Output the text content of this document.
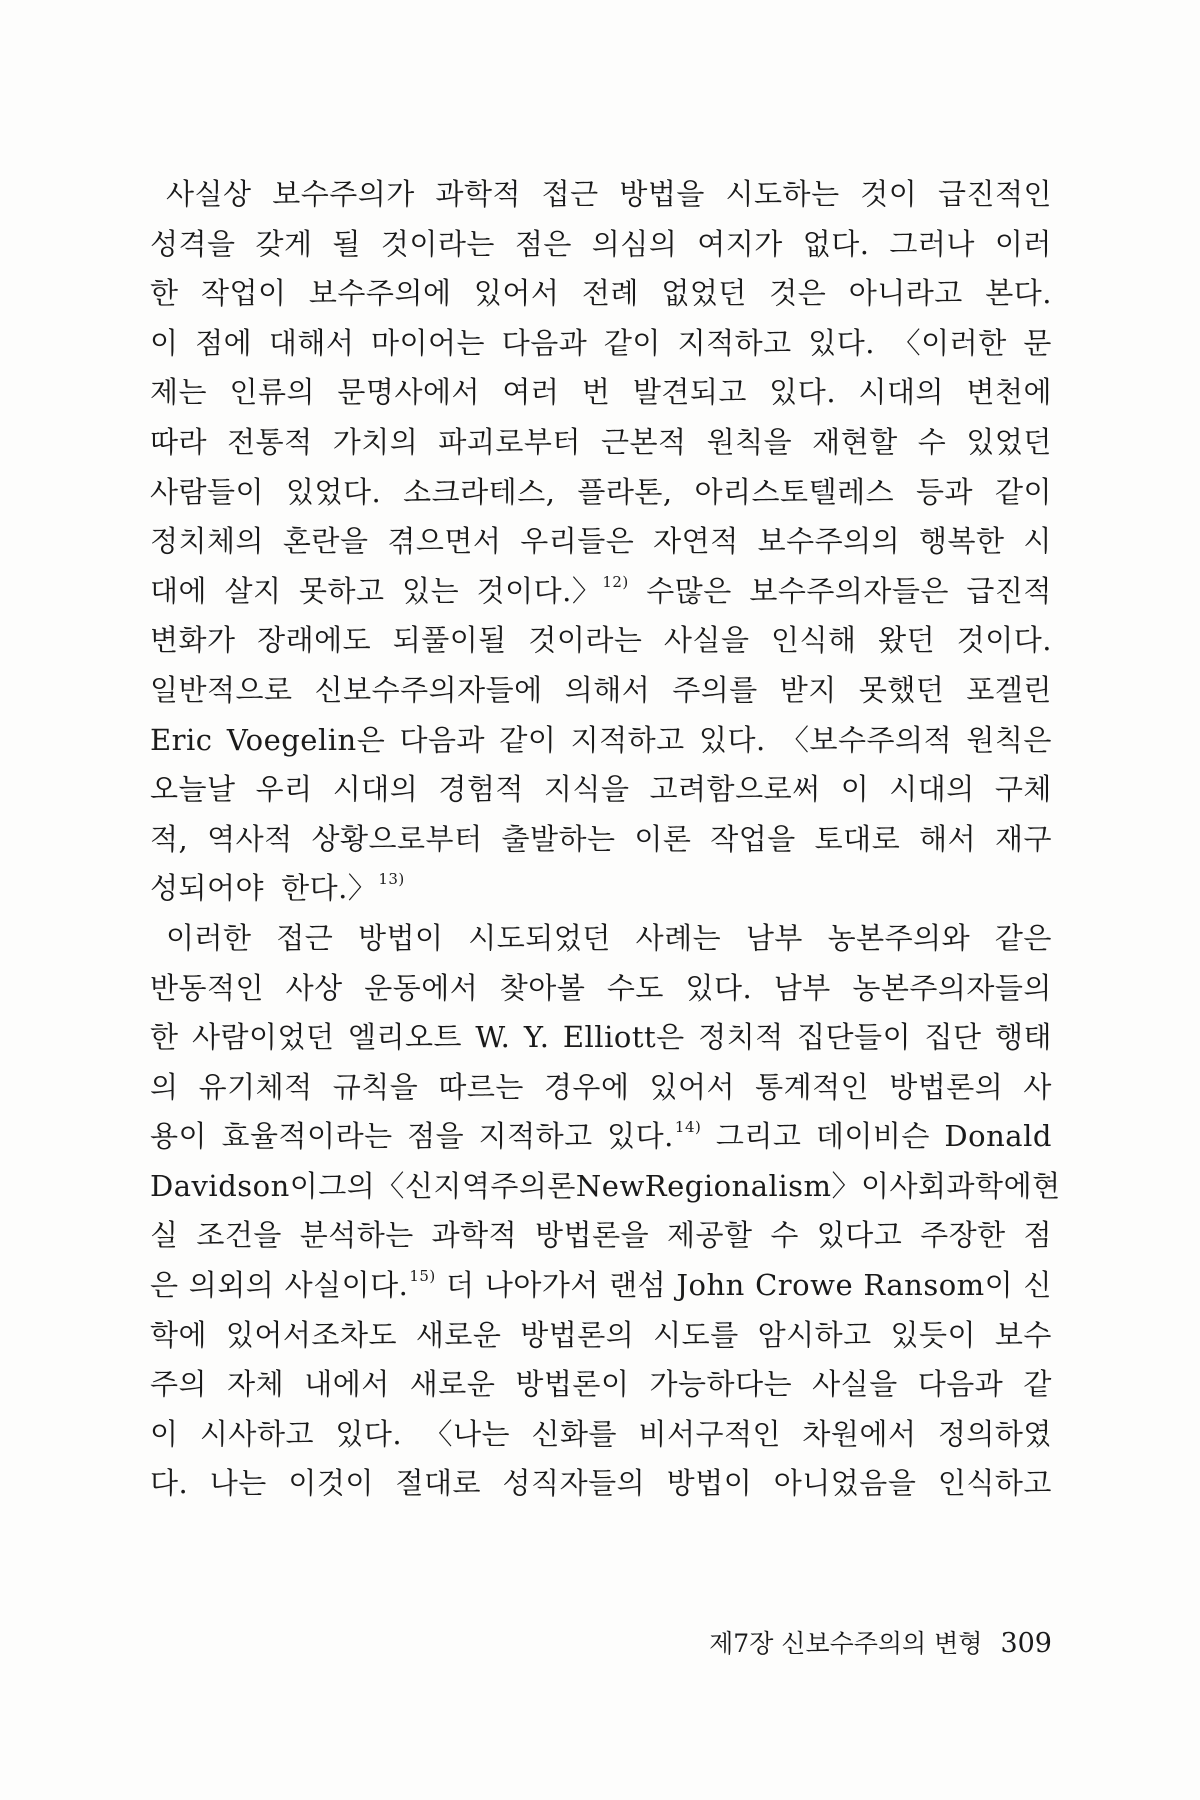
사실상 보수주의가 과학적 접근 방법을 시도하는 것이 급진적인
성격을 갖게 될 것이라는 점은 의심의 여지가 없다. 그러나 이러
한 작업이 보수주의에 있어서 전례 없었던 것은 아니라고 본다.
이 점에 대해서 마이어는 다음과 같이 지적하고 있다. 〈이러한 문
제는 인류의 문명사에서 여러 번 발견되고 있다. 시대의 변천에
따라 전통적 가치의 파괴로부터 근본적 원칙을 재현할 수 있었던
사람들이 있었다. 소크라테스, 플라톤, 아리스토텔레스 등과 같이
정치체의 혼란을 겪으면서 우리들은 자연적 보수주의의 행복한 시
대에 살지 못하고 있는 것이다.〉$^{12)}$ 수많은 보수주의자들은 급진적
변화가 장래에도 되풀이될 것이라는 사실을 인식해 왔던 것이다.
일반적으로 신보수주의자들에 의해서 주의를 받지 못했던 포겔린
Eric Voegelin은 다음과 같이 지적하고 있다. 〈보수주의적 원칙은
오늘날 우리 시대의 경험적 지식을 고려함으로써 이 시대의 구체
적, 역사적 상황으로부터 출발하는 이론 작업을 토대로 해서 재구
성되어야 한다.〉$^{13)}$
이러한 접근 방법이 시도되었던 사례는 남부 농본주의와 같은
반동적인 사상 운동에서 찾아볼 수도 있다. 남부 농본주의자들의
한 사람이었던 엘리오트 W. Y. Elliott은 정치적 집단들이 집단 행태
의 유기체적 규칙을 따르는 경우에 있어서 통계적인 방법론의 사
용이 효율적이라는 점을 지적하고 있다.$^{14)}$ 그리고 데이비슨 Donald
Davidson이 그의 〈신지역주의론 New Regionalism〉이 사회과학에 현
실 조건을 분석하는 과학적 방법론을 제공할 수 있다고 주장한 점
은 의외의 사실이다.$^{15)}$ 더 나아가서 랜섬 John Crowe Ransom이 신
학에 있어서조차도 새로운 방법론의 시도를 암시하고 있듯이 보수
주의 자체 내에서 새로운 방법론이 가능하다는 사실을 다음과 같
이 시사하고 있다. 〈나는 신화를 비서구적인 차원에서 정의하였
다. 나는 이것이 절대로 성직자들의 방법이 아니었음을 인식하고
제7장 신보수주의의 변형 309
